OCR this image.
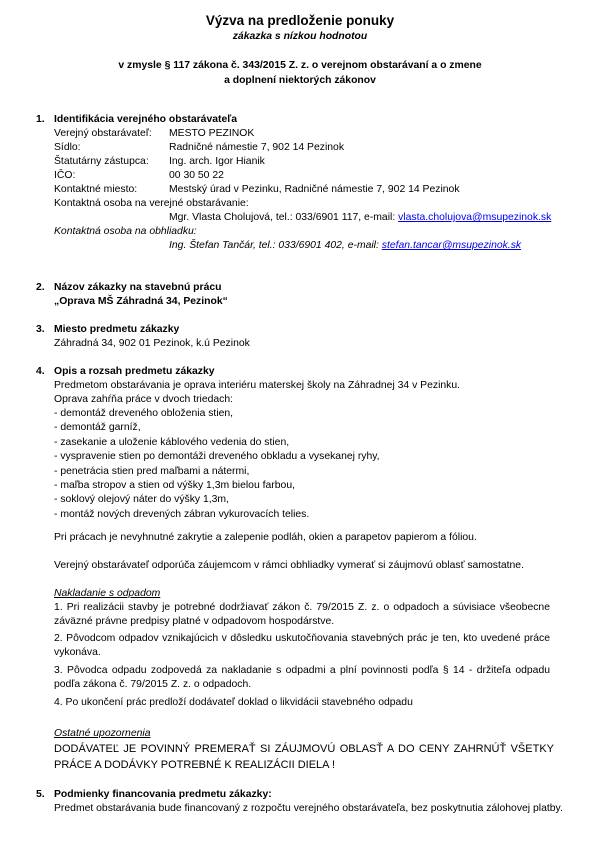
Výzva na predloženie ponuky
zákazka s nízkou hodnotou
v zmysle § 117 zákona č. 343/2015 Z. z. o verejnom obstarávaní a o zmene
a doplnení niektorých zákonov
1. Identifikácia verejného obstarávateľa
Verejný obstarávateľ: MESTO PEZINOK
Sídlo:	Radničné námestie 7, 902 14 Pezinok
Štatutárny zástupca: Ing. arch. Igor Hianik
IČO:	00 30 50 22
Kontaktné miesto:	Mestský úrad v Pezinku, Radničné námestie 7, 902 14 Pezinok
Kontaktná osoba na verejné obstarávanie:
Mgr. Vlasta Cholujová, tel.: 033/6901 117, e-mail: vlasta.cholujova@msupezinok.sk
Kontaktná osoba na obhliadku:
Ing. Štefan Tančár, tel.: 033/6901 402, e-mail: stefan.tancar@msupezinok.sk
2. Názov zákazky na stavebnú prácu
„Oprava MŠ Záhradná 34, Pezinok“
3. Miesto predmetu zákazky
Záhradná 34, 902 01 Pezinok, k.ú Pezinok
4. Opis a rozsah predmetu zákazky
Predmetom obstarávania je oprava interiéru materskej školy na Záhradnej 34 v Pezinku.
Oprava zahŕňa práce v dvoch triedach:
- demontáž dreveného obloženia stien,
- demontáž garníž,
- zasekanie a uloženie káblového vedenia do stien,
- vyspravenie stien po demontáži dreveného obkladu a vysekanej ryhy,
- penetrácia stien pred maľbami a nátermi,
- maľba stropov a stien od výšky 1,3m bielou farbou,
- soklový olejový náter do výšky 1,3m,
- montáž nových drevených zábran vykurovacích telies.
Pri prácach je nevyhnutné zakrytie a zalepenie podláh, okien a parapetov papierom a fóliou.
Verejný obstarávateľ odporúča záujemcom v rámci obhliadky vymerať si záujmovú oblasť samostatne.
Nakladanie s odpadom
1. Pri realizácii stavby je potrebné dodržiavať zákon č. 79/2015 Z. z. o odpadoch a súvisiace všeobecne záväzné právne predpisy platné v odpadovom hospodárstve.
2. Pôvodcom odpadov vznikajúcich v dôsledku uskutočňovania stavebných prác je ten, kto uvedené práce vykonáva.
3. Pôvodca odpadu zodpovedá za nakladanie s odpadmi a plní povinnosti podľa § 14 - držiteľa odpadu podľa zákona č. 79/2015 Z. z. o odpadoch.
4. Po ukončení prác predloží dodávateľ doklad o likvidácii stavebného odpadu
Ostatné upozornenia
DODÁVATEĽ JE POVINNÝ PREMERAŤ SI ZÁUJMOVÚ OBLASŤ A DO CENY ZAHRNÚŤ VŠETKY PRÁCE A DODÁVKY POTREBNÉ K REALIZÁCII DIELA !
5. Podmienky financovania predmetu zákazky:
Predmet obstarávania bude financovaný z rozpočtu verejného obstarávateľa, bez poskytnutia zálohovej platby.
